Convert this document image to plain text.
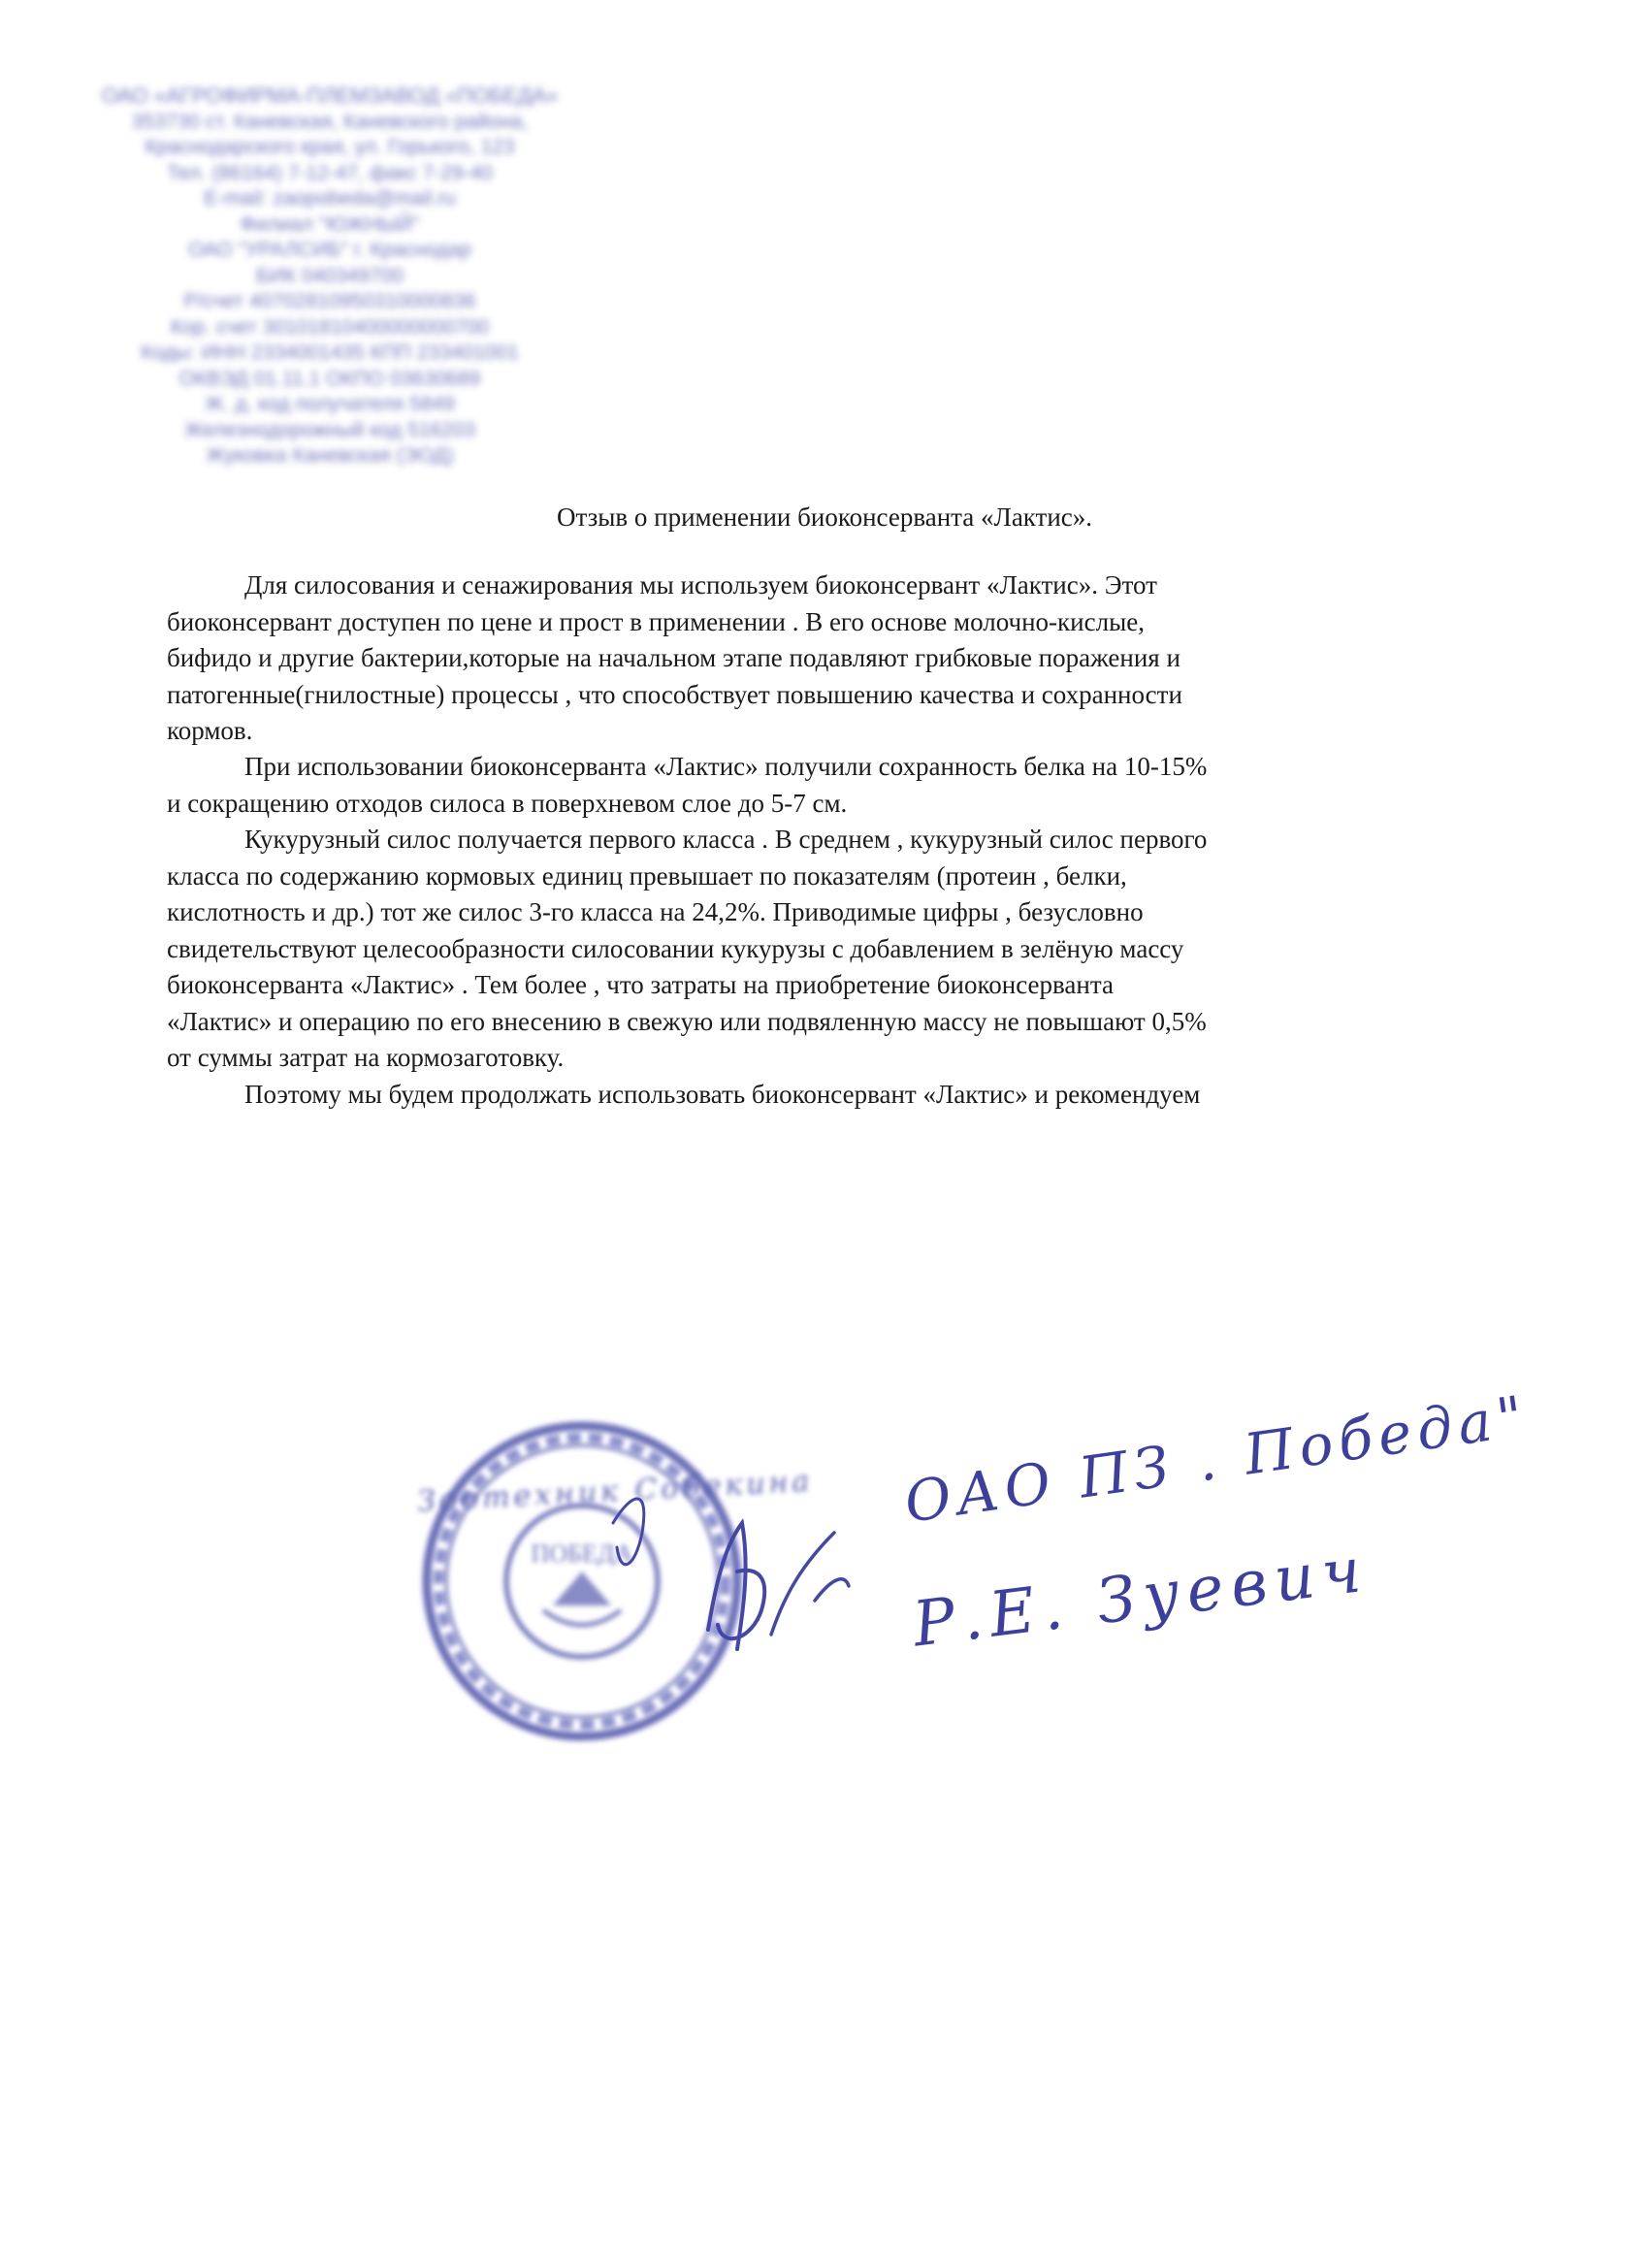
ОАО «АГРОФИРМА-ПЛЕМЗАВОД «ПОБЕДА»
353730 ст. Каневская, Каневского района,
Краснодарского края, ул. Горького, 123
Тел. (86164) 7-12-47, факс 7-29-40
E-mail: zaopobeda@mail.ru
Филиал "ЮЖНЫЙ"
ОАО "УРАЛСИБ" г. Краснодар
БИК 040349700
Р/счет 40702810950310000836
Кор. счет 30101810400000000700
Коды: ИНН 2334001435 КПП 233401001
ОКВЭД 01.11.1 ОКПО 03630689
Ж. д. код получателя 5849
Железнодорожный код 516203
Жуковка Каневская (ЭОД)
Отзыв о применении биоконсерванта «Лактис».
Для силосования и сенажирования мы используем биоконсервант «Лактис». Этот
биоконсервант доступен по цене и прост в применении . В его основе молочно-кислые,
бифидо и другие бактерии,которые на начальном этапе подавляют грибковые поражения и
патогенные(гнилостные) процессы , что способствует повышению качества и сохранности
кормов.
При использовании биоконсерванта «Лактис» получили сохранность белка на 10-15%
и сокращению отходов силоса в поверхневом слое до 5-7 см.
Кукурузный силос получается первого класса . В среднем , кукурузный силос первого
класса по содержанию кормовых единиц превышает по показателям (протеин , белки,
кислотность и др.) тот же силос 3-го класса на 24,2%. Приводимые цифры , безусловно
свидетельствуют целесообразности силосовании кукурузы с добавлением в зелёную массу
биоконсерванта «Лактис» . Тем более , что затраты на приобретение биоконсерванта
«Лактис» и операцию по его внесению в свежую или подвяленную массу не повышают 0,5%
от суммы затрат на кормозаготовку.
Поэтому мы будем продолжать использовать биоконсервант «Лактис» и рекомендуем
ПОБЕДА
Зоотехник Собекина ОАО ПЗ . Победа"
Р.Е. Зуевич
